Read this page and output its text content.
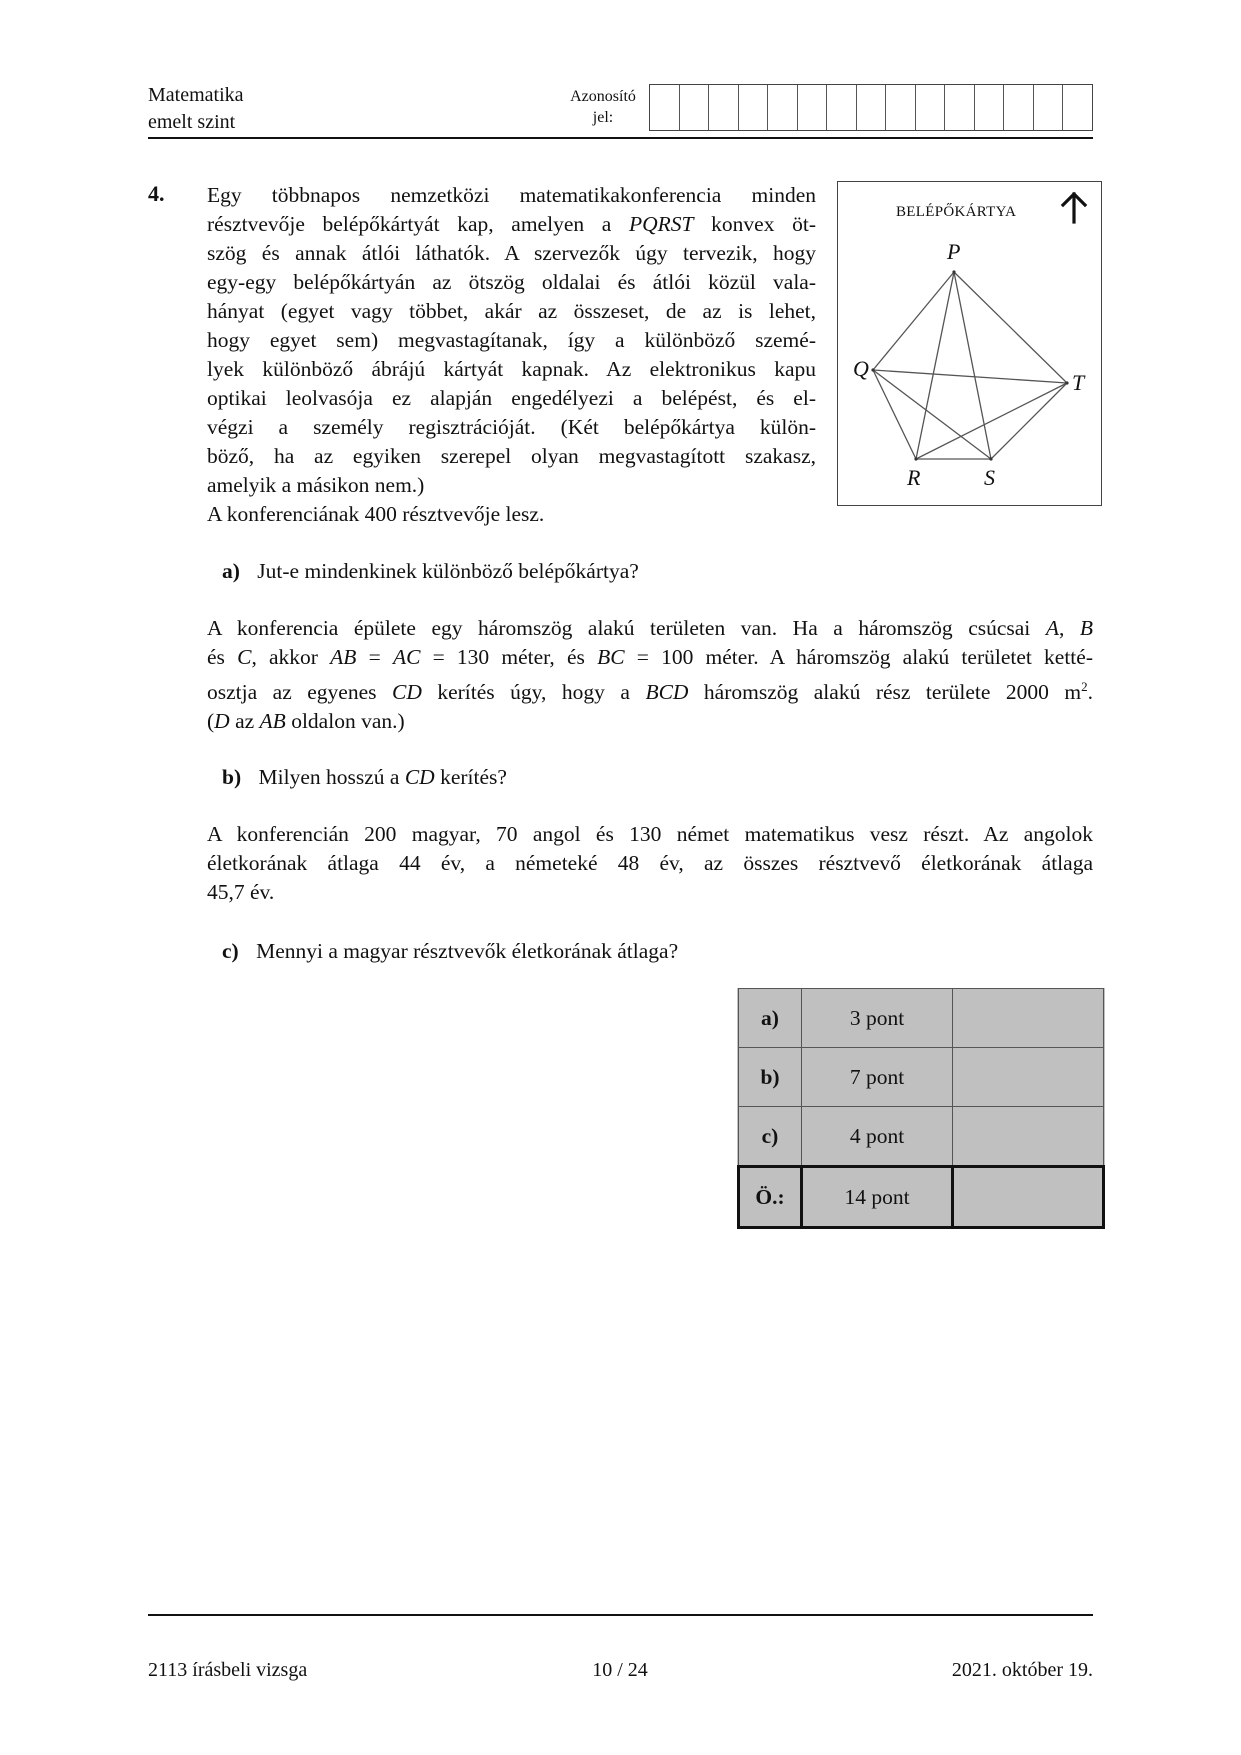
Matematika
emelt szint
Azonosító
jel:
4. Egy többnapos nemzetközi matematikakonferencia minden
résztvevője belépőkártyát kap, amelyen a PQRST konvex öt-
szög és annak átlói láthatók. A szervezők úgy tervezik, hogy
egy-egy belépőkártyán az ötszög oldalai és átlói közül vala-
hányat (egyet vagy többet, akár az összeset, de az is lehet,
hogy egyet sem) megvastagítanak, így a különböző szemé-
lyek különböző ábrájú kártyát kapnak. Az elektronikus kapu
optikai leolvasója ez alapján engedélyezi a belépést, és el-
végzi a személy regisztrációját. (Két belépőkártya külön-
böző, ha az egyiken szerepel olyan megvastagított szakasz,
amelyik a másikon nem.)
A konferenciának 400 résztvevője lesz.
BELÉPŐKÁRTYA
P
Q
T
R	S
a) Jut-e mindenkinek különböző belépőkártya?
A konferencia épülete egy háromszög alakú területen van. Ha a háromszög csúcsai A, B
és C, akkor AB = AC = 130 méter, és BC = 100 méter. A háromszög alakú területet ketté-
osztja az egyenes CD kerítés úgy, hogy a BCD háromszög alakú rész területe 2000 $m^2$.
(D az AB oldalon van.)
b) Milyen hosszú a CD kerítés?
A konferencián 200 magyar, 70 angol és 130 német matematikus vesz részt. Az angolok
életkorának átlaga 44 év, a németeké 48 év, az összes résztvevő életkorának átlaga
45,7 év.
c) Mennyi a magyar résztvevők életkorának átlaga?
a)	3 pont	
b)	7 pont	
c)	4 pont	
Ö.:	14 pont	
2113 írásbeli vizsga	10 / 24	2021. október 19.
